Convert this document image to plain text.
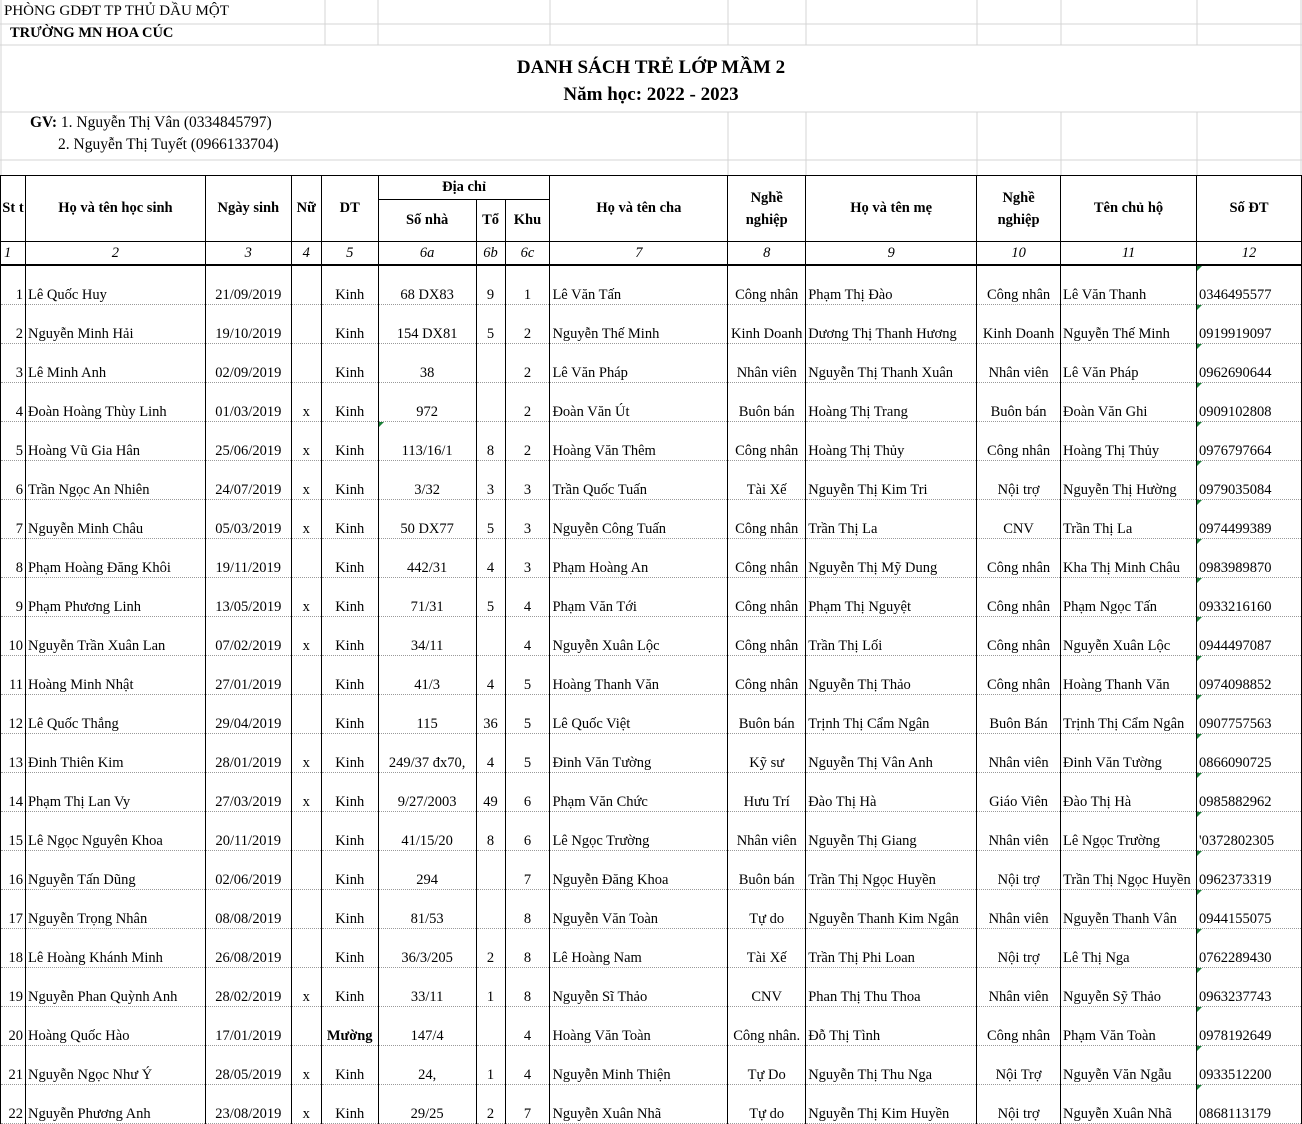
PHÒNG GDĐT TP THỦ DẦU MỘT
TRƯỜNG MN HOA CÚC
DANH SÁCH TRẺ LỚP MẦM 2
Năm học: 2022 - 2023
GV: 1. Nguyễn Thị Vân (0334845797)
2. Nguyễn Thị Tuyết (0966133704)
St t	Họ và tên học sinh	Ngày sinh	Nữ	DT	Địa chỉ			Họ và tên cha	Nghề nghiệp	Họ và tên mẹ	Nghề nghiệp	Tên chủ hộ	Số ĐT
					Số nhà	Tổ	Khu						
1	2	3	4	5	6a	6b	6c	7	8	9	10	11	12
1	Lê Quốc Huy	21/09/2019		Kinh	68 DX83	9	1	Lê Văn Tấn	Công nhân	Phạm Thị Đào	Công nhân	Lê Văn Thanh	0346495577
2	Nguyễn Minh Hải	19/10/2019		Kinh	154 DX81	5	2	Nguyễn Thế Minh	Kinh Doanh	Dương Thị Thanh Hương	Kinh Doanh	Nguyễn Thế Minh	0919919097
3	Lê Minh Anh	02/09/2019		Kinh	38		2	Lê Văn Pháp	Nhân viên	Nguyễn Thị Thanh Xuân	Nhân viên	Lê Văn Pháp	0962690644
4	Đoàn Hoàng Thùy Linh	01/03/2019	x	Kinh	972		2	Đoàn Văn Út	Buôn bán	Hoàng Thị Trang	Buôn bán	Đoàn Văn Ghi	0909102808
5	Hoàng Vũ Gia Hân	25/06/2019	x	Kinh	113/16/1	8	2	Hoàng Văn Thêm	Công nhân	Hoàng Thị Thủy	Công nhân	Hoàng Thị Thủy	0976797664
6	Trần Ngọc An Nhiên	24/07/2019	x	Kinh	3/32	3	3	Trần Quốc Tuấn	Tài Xế	Nguyễn Thị Kim Tri	Nội trợ	Nguyễn Thị Hường	0979035084
7	Nguyễn Minh Châu	05/03/2019	x	Kinh	50 DX77	5	3	Nguyễn Công Tuấn	Công nhân	Trần Thị La	CNV	Trần Thị La	0974499389
8	Phạm Hoàng Đăng Khôi	19/11/2019		Kinh	442/31	4	3	Phạm Hoàng An	Công nhân	Nguyễn Thị Mỹ Dung	Công nhân	Kha Thị Minh Châu	0983989870
9	Phạm Phương Linh	13/05/2019	x	Kinh	71/31	5	4	Phạm Văn Tới	Công nhân	Phạm Thị Nguyệt	Công nhân	Phạm Ngọc Tấn	0933216160
10	Nguyễn Trần Xuân Lan	07/02/2019	x	Kinh	34/11		4	Nguyễn Xuân Lộc	Công nhân	Trần Thị Lối	Công nhân	Nguyễn Xuân Lộc	0944497087
11	Hoàng Minh Nhật	27/01/2019		Kinh	41/3	4	5	Hoàng Thanh Văn	Công nhân	Nguyễn Thị Thảo	Công nhân	Hoàng Thanh Văn	0974098852
12	Lê Quốc Thắng	29/04/2019		Kinh	115	36	5	Lê Quốc Việt	Buôn bán	Trịnh Thị Cẩm Ngân	Buôn Bán	Trịnh Thị Cẩm Ngân	0907757563
13	Đinh Thiên Kim	28/01/2019	x	Kinh	249/37 đx70,	4	5	Đinh Văn Tường	Kỹ sư	Nguyễn Thị Vân Anh	Nhân viên	Đinh Văn Tường	0866090725
14	Phạm Thị Lan Vy	27/03/2019	x	Kinh	9/27/2003	49	6	Phạm Văn Chức	Hưu Trí	Đào Thị Hà	Giáo Viên	Đào Thị Hà	0985882962
15	Lê Ngọc Nguyên Khoa	20/11/2019		Kinh	41/15/20	8	6	Lê Ngọc Trường	Nhân viên	Nguyễn Thị Giang	Nhân viên	Lê Ngọc Trường	'0372802305
16	Nguyễn Tấn Dũng	02/06/2019		Kinh	294		7	Nguyễn Đăng Khoa	Buôn bán	Trần Thị Ngọc Huyền	Nội trợ	Trần Thị Ngọc Huyền	0962373319
17	Nguyễn Trọng Nhân	08/08/2019		Kinh	81/53		8	Nguyễn Văn Toàn	Tự do	Nguyễn Thanh Kim Ngân	Nhân viên	Nguyễn Thanh Vân	0944155075
18	Lê Hoàng Khánh Minh	26/08/2019		Kinh	36/3/205	2	8	Lê Hoàng Nam	Tài Xế	Trần Thị Phi Loan	Nội trợ	Lê Thị Nga	0762289430
19	Nguyễn Phan Quỳnh Anh	28/02/2019	x	Kinh	33/11	1	8	Nguyễn Sĩ Thảo	CNV	Phan Thị Thu Thoa	Nhân viên	Nguyễn Sỹ Thảo	0963237743
20	Hoàng Quốc Hào	17/01/2019		Mường	147/4		4	Hoàng Văn Toàn	Công nhân.	Đỗ Thị Tình	Công nhân	Phạm Văn Toàn	0978192649
21	Nguyễn Ngọc Như Ý	28/05/2019	x	Kinh	24,	1	4	Nguyễn Minh Thiện	Tự Do	Nguyễn Thị Thu Nga	Nội Trợ	Nguyễn Văn Ngẫu	0933512200
22	Nguyễn Phương Anh	23/08/2019	x	Kinh	29/25	2	7	Nguyễn Xuân Nhã	Tự do	Nguyễn Thị Kim Huyền	Nội trợ	Nguyễn Xuân Nhã	0868113179
